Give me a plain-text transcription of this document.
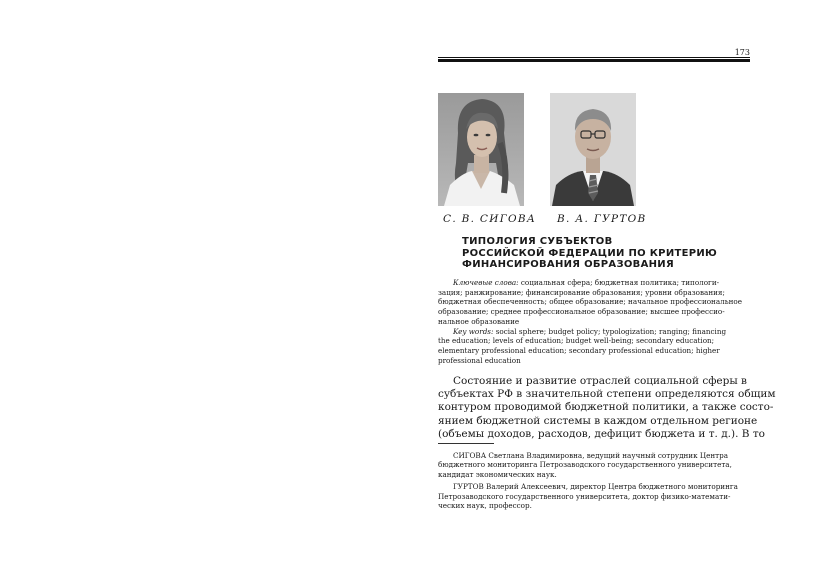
173
С. В. СИГОВА В. А. ГУРТОВ
ТИПОЛОГИЯ СУБЪЕКТОВ
РОССИЙСКОЙ ФЕДЕРАЦИИ ПО КРИТЕРИЮ
ФИНАНСИРОВАНИЯ ОБРАЗОВАНИЯ
Ключевые слова: социальная сфера; бюджетная политика; типологи-
зация; ранжирование; финансирование образования; уровни образования;
бюджетная обеспеченность; общее образование; начальное профессиональное
образование; среднее профессиональное образование; высшее профессио-
нальное образование
Key words: social sphere; budget policy; typologization; ranging; financing
the education; levels of education; budget well-being; secondary education;
elementary professional education; secondary professional education; higher
professional education
Состояние и развитие отраслей социальной сферы в
субъектах РФ в значительной степени определяются общим
контуром проводимой бюджетной политики, а также состо-
янием бюджетной системы в каждом отдельном регионе
(объемы доходов, расходов, дефицит бюджета и т. д.). В то
СИГОВА Светлана Владимировна, ведущий научный сотрудник Центра
бюджетного мониторинга Петрозаводского государственного университета,
кандидат экономических наук.
ГУРТОВ Валерий Алексеевич, директор Центра бюджетного мониторинга
Петрозаводского государственного университета, доктор физико-математи-
ческих наук, профессор.
